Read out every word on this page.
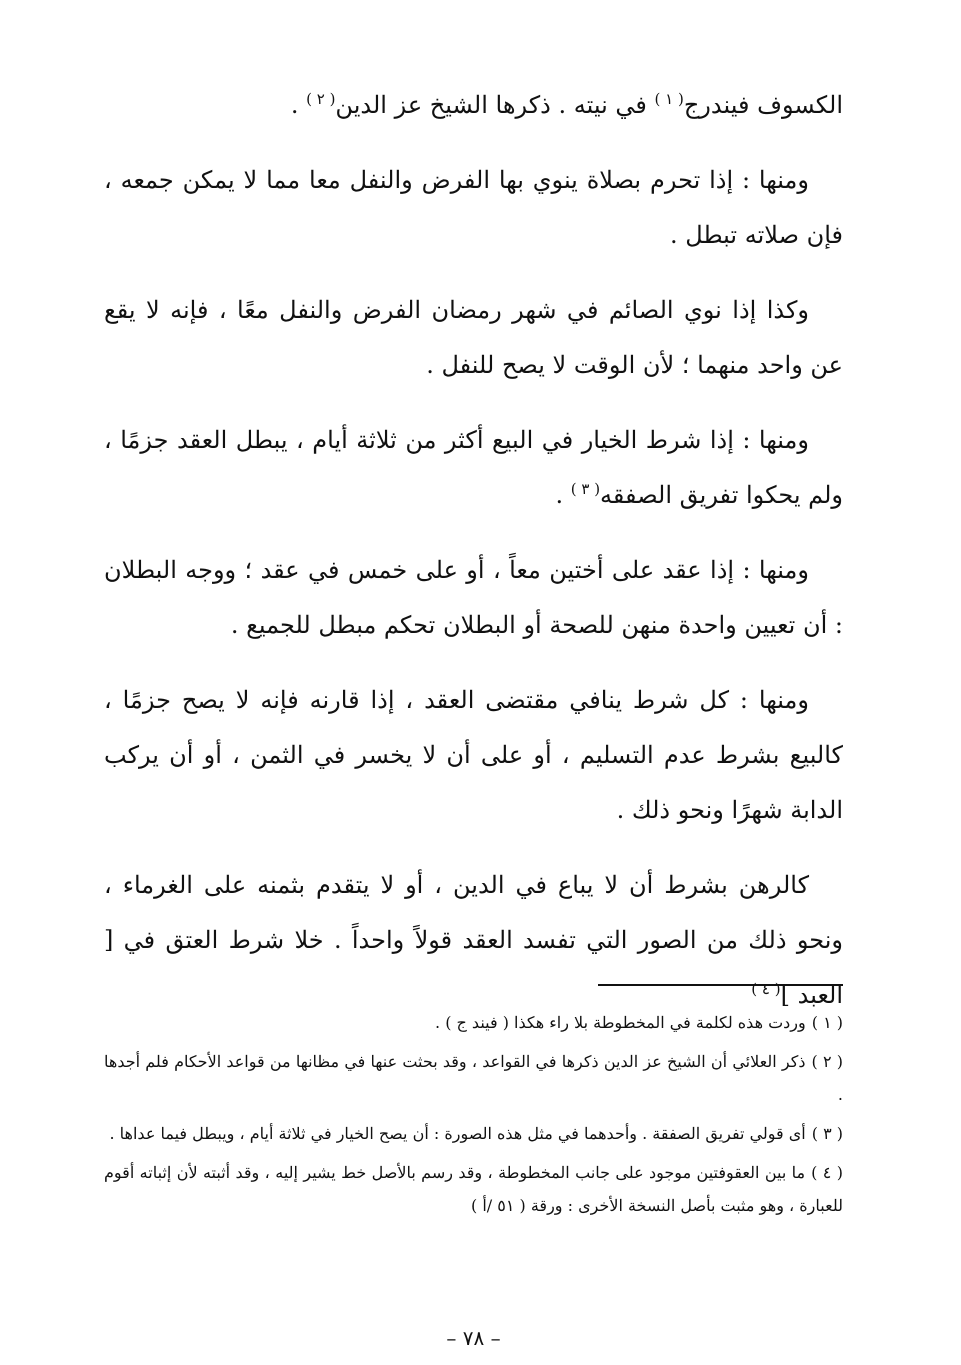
الكسوف فيندرج$^{( ١ )}$ في نيته . ذكرها الشيخ عز الدين$^{( ٢ )}$ .

ومنها : إذا تحرم بصلاة ينوي بها الفرض والنفل معا مما لا يمكن جمعه ، فإن صلاته تبطل .

وكذا إذا نوي الصائم في شهر رمضان الفرض والنفل معًا ، فإنه لا يقع عن واحد منهما ؛ لأن الوقت لا يصح للنفل .

ومنها : إذا شرط الخيار في البيع أكثر من ثلاثة أيام ، يبطل العقد جزمًا ، ولم يحكوا تفريق الصفقه$^{( ٣ )}$ .

ومنها : إذا عقد على أختين معاً ، أو على خمس في عقد ؛ ووجه البطلان : أن تعيين واحدة منهن للصحة أو البطلان تحكم مبطل للجميع .

ومنها : كل شرط ينافي مقتضى العقد ، إذا قارنه فإنه لا يصح جزمًا ، كالبيع بشرط عدم التسليم ، أو على أن لا يخسر في الثمن ، أو أن يركب الدابة شهرًا ونحو ذلك .

كالرهن بشرط أن لا يباع في الدين ، أو لا يتقدم بثمنه على الغرماء ، ونحو ذلك من الصور التي تفسد العقد قولاً واحداً . خلا شرط العتق في [ العبد ]$^{( ٤ )}$

( ١ )وردت هذه لكلمة في المخطوطة بلا راء هكذا ( فيند ج ) .

( ٢ )ذكر العلائي أن الشيخ عز الدين ذكرها في القواعد ، وقد بحثت عنها في مظانها من قواعد الأحكام فلم أجدها .

( ٣ )أى قولي تفريق الصفقة . وأحدهما في مثل هذه الصورة : أن يصح الخيار في ثلاثة أيام ، ويبطل فيما عداها .

( ٤ )ما بين العقوفتين موجود على جانب المخطوطة ، وقد رسم بالأصل خط يشير إليه ، وقد أثبته لأن إثباته أقوم للعبارة ، وهو مثبت بأصل النسخة الأخرى : ورقة ( ٥١ /أ )

– ٧٨ –
